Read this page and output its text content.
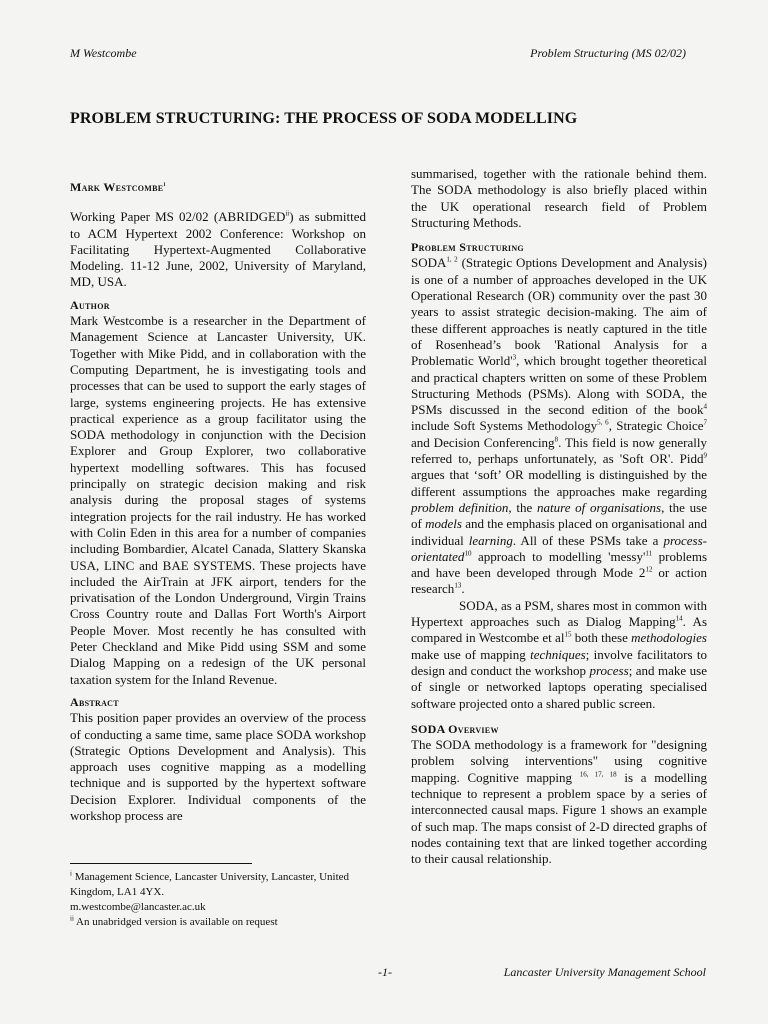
M Westcombe	Problem Structuring (MS 02/02)
PROBLEM STRUCTURING: THE PROCESS OF SODA MODELLING
Mark Westcombe$^i$

Working Paper MS 02/02 (ABRIDGED$^{ii}$) as submitted to ACM Hypertext 2002 Conference: Workshop on Facilitating Hypertext-Augmented Collaborative Modeling. 11-12 June, 2002, University of Maryland, MD, USA.

Author

Mark Westcombe is a researcher in the Department of Management Science at Lancaster University, UK. Together with Mike Pidd, and in collaboration with the Computing Department, he is investigating tools and processes that can be used to support the early stages of large, systems engineering projects. He has extensive practical experience as a group facilitator using the SODA methodology in conjunction with the Decision Explorer and Group Explorer, two collaborative hypertext modelling softwares. This has focused principally on strategic decision making and risk analysis during the proposal stages of systems integration projects for the rail industry. He has worked with Colin Eden in this area for a number of companies including Bombardier, Alcatel Canada, Slattery Skanska USA, LINC and BAE SYSTEMS. These projects have included the AirTrain at JFK airport, tenders for the privatisation of the London Underground, Virgin Trains Cross Country route and Dallas Fort Worth's Airport People Mover. Most recently he has consulted with Peter Checkland and Mike Pidd using SSM and some Dialog Mapping on a redesign of the UK personal taxation system for the Inland Revenue.

Abstract

This position paper provides an overview of the process of conducting a same time, same place SODA workshop (Strategic Options Development and Analysis). This approach uses cognitive mapping as a modelling technique and is supported by the hypertext software Decision Explorer. Individual components of the workshop process are

$^i$ Management Science, Lancaster University, Lancaster, United Kingdom, LA1 4YX.
m.westcombe@lancaster.ac.uk
$^{ii}$ An unabridged version is available on request

summarised, together with the rationale behind them. The SODA methodology is also briefly placed within the UK operational research field of Problem Structuring Methods.

Problem Structuring

SODA$^{1, 2}$ (Strategic Options Development and Analysis) is one of a number of approaches developed in the UK Operational Research (OR) community over the past 30 years to assist strategic decision-making. The aim of these different approaches is neatly captured in the title of Rosenhead’s book 'Rational Analysis for a Problematic $World'^3$, which brought together theoretical and practical chapters written on some of these Problem Structuring Methods (PSMs). Along with SODA, the PSMs discussed in the second edition of the book$^4$ include Soft Systems Methodology$^{5, 6}$, Strategic Choice$^7$ and Decision Conferencing$^8$. This field is now generally referred to, perhaps unfortunately, as 'Soft OR'. Pidd$^9$ argues that ‘soft’ OR modelling is distinguished by the different assumptions the approaches make regarding problem definition, the nature of organisations, the use of models and the emphasis placed on organisational and individual learning. All of these PSMs take a process-orientated$^{10}$ approach to modelling '$messy'^{11}$ problems and have been developed through Mode $2^{12}$ or action research$^{13}$.

SODA, as a PSM, shares most in common with Hypertext approaches such as Dialog Mapping$^{14}$. As compared in Westcombe et $al^{15}$ both these methodologies make use of mapping techniques; involve facilitators to design and conduct the workshop process; and make use of single or networked laptops operating specialised software projected onto a shared public screen.

SODA Overview

The SODA methodology is a framework for "designing problem solving interventions" using cognitive mapping. Cognitive mapping $^{16, 17, 18}$ is a modelling technique to represent a problem space by a series of interconnected causal maps. Figure 1 shows an example of such map. The maps consist of 2-D directed graphs of nodes containing text that are linked together according to their causal relationship.

-1-	Lancaster University Management School
